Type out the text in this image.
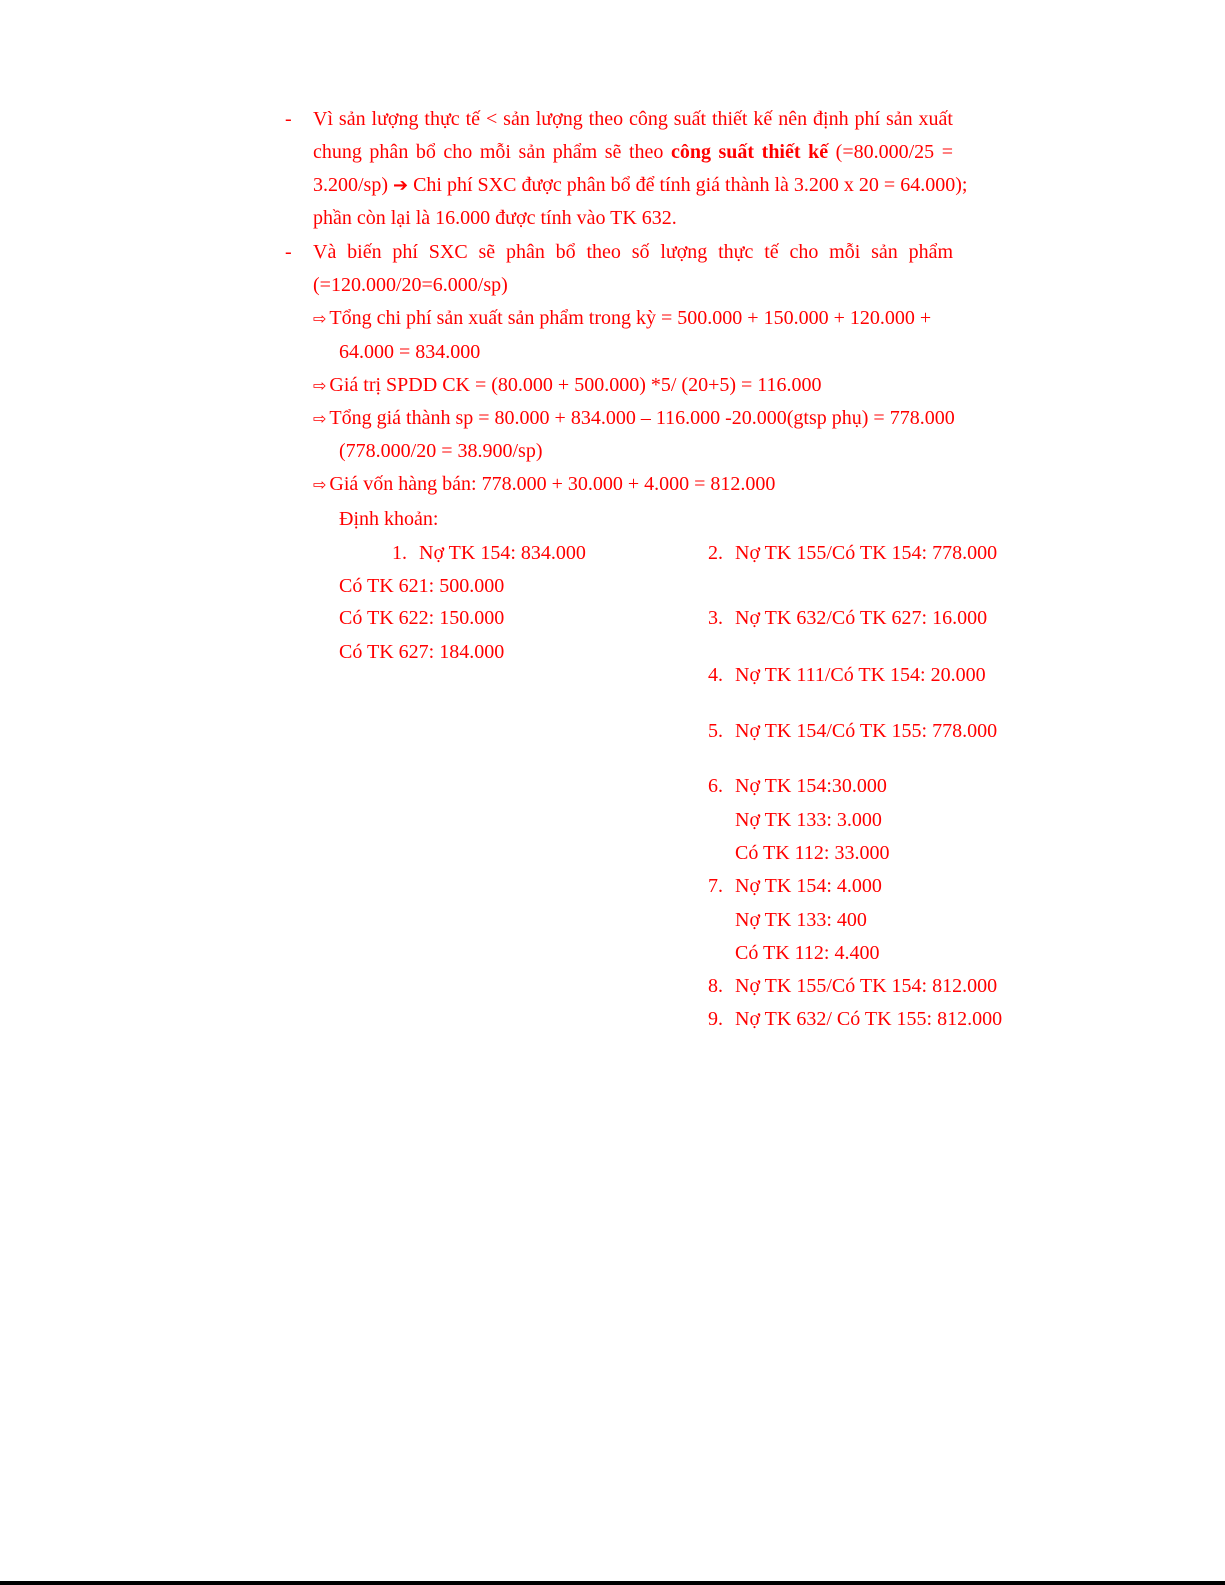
- Vì sản lượng thực tế < sản lượng theo công suất thiết kế nên định phí sản xuất
chung phân bổ cho mỗi sản phẩm sẽ theo công suất thiết kế (=80.000/25 =
3.200/sp) ➔ Chi phí SXC được phân bổ để tính giá thành là 3.200 x 20 = 64.000);
phần còn lại là 16.000 được tính vào TK 632.
- Và biến phí SXC sẽ phân bổ theo số lượng thực tế cho mỗi sản phẩm
(=120.000/20=6.000/sp)
⇨ Tổng chi phí sản xuất sản phẩm trong kỳ = 500.000 + 150.000 + 120.000 +
64.000 = 834.000
⇨ Giá trị SPDD CK = (80.000 + 500.000) *5/ (20+5) = 116.000
⇨ Tổng giá thành sp = 80.000 + 834.000 – 116.000 -20.000(gtsp phụ) = 778.000
(778.000/20 = 38.900/sp)
⇨ Giá vốn hàng bán: 778.000 + 30.000 + 4.000 = 812.000
Định khoản:
1. Nợ TK 154: 834.000
Có TK 621: 500.000
Có TK 622: 150.000
Có TK 627: 184.000
2. Nợ TK 155/Có TK 154: 778.000
3. Nợ TK 632/Có TK 627: 16.000
4. Nợ TK 111/Có TK 154: 20.000
5. Nợ TK 154/Có TK 155: 778.000
6. Nợ TK 154:30.000
Nợ TK 133: 3.000
Có TK 112: 33.000
7. Nợ TK 154: 4.000
Nợ TK 133: 400
Có TK 112: 4.400
8. Nợ TK 155/Có TK 154: 812.000
9. Nợ TK 632/ Có TK 155: 812.000
